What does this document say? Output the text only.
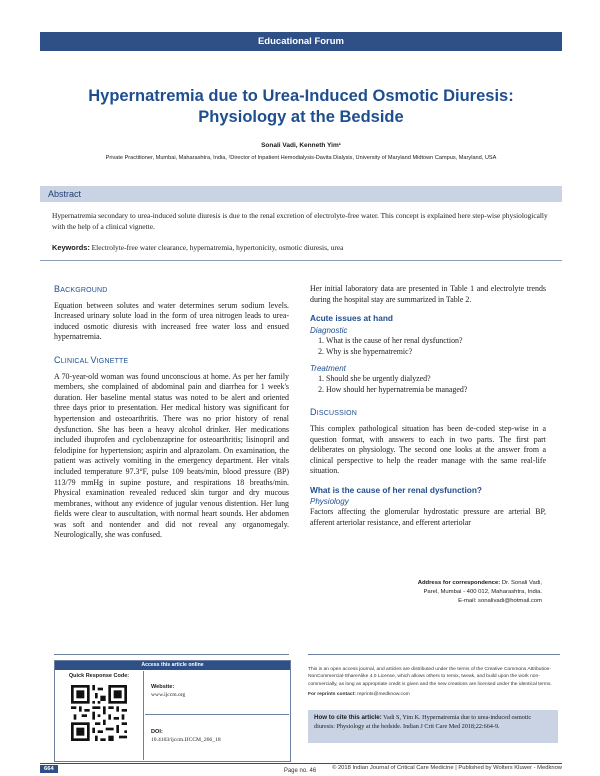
Educational Forum
Hypernatremia due to Urea-Induced Osmotic Diuresis:
Physiology at the Bedside
Sonali Vadi, Kenneth Yim¹
Private Practitioner, Mumbai, Maharashtra, India, ¹Director of Inpatient Hemodialysis-Davita Dialysis, University of Maryland Midtown Campus, Maryland, USA
Abstract
Hypernatremia secondary to urea-induced solute diuresis is due to the renal excretion of electrolyte-free water. This concept is explained here step-wise physiologically with the help of a clinical vignette.
Keywords: Electrolyte-free water clearance, hypernatremia, hypertonicity, osmotic diuresis, urea

BACKGROUND

Equation between solutes and water determines serum sodium levels. Increased urinary solute load in the form of urea nitrogen leads to urea-induced osmotic diuresis with increased free water loss and ensued hypernatremia.

CLINICAL VIGNETTE

A 70-year-old woman was found unconscious at home. As per her family members, she complained of abdominal pain and diarrhea for 1 week's duration. Her baseline mental status was noted to be alert and oriented three days prior to presentation. Her medical history was significant for hypertension and osteoarthritis. There was no prior history of renal dysfunction. She has been a heavy alcohol drinker. Her medications included ibuprofen and cyclobenzaprine for osteoarthritis; lisinopril and felodipine for hypertension; aspirin and alprazolam. On examination, the patient was actively vomiting in the emergency department. Her vitals included temperature 97.3°F, pulse 109 beats/min, blood pressure (BP) 113/79 mmHg in supine posture, and respirations 18 breaths/min. Physical examination revealed reduced skin turgor and dry mucous membranes, without any evidence of jugular venous distention. Her lung fields were clear to auscultation, with normal heart sounds. Her abdomen was soft and nontender and did not reveal any organomegaly. Neurologically, she was confused.

Her initial laboratory data are presented in Table 1 and electrolyte trends during the hospital stay are summarized in Table 2.

Acute issues at hand

Diagnostic

1. What is the cause of her renal dysfunction?
2. Why is she hypernatremic?

Treatment

1. Should she be urgently dialyzed?
2. How should her hypernatremia be managed?

DISCUSSION

This complex pathological situation has been de-coded step-wise in a question format, with answers to each in two parts. The first part deliberates on physiology. The second one looks at the answer from a clinical perspective to help the reader manage with the same real-life situation.

What is the cause of her renal dysfunction?

Physiology

Factors affecting the glomerular hydrostatic pressure are arterial BP, afferent arteriolar resistance, and efferent arteriolar

Address for correspondence: Dr. Sonali Vadi,
Parel, Mumbai - 400 012, Maharashtra, India.
E-mail: sonalivadi@hotmail.com
Access this article online
Quick Response Code:
Website:
www.ijccm.org
DOI:
10.4103/ijccm.IJCCM_266_18
This is an open access journal, and articles are distributed under the terms of the Creative Commons Attribution-NonCommercial-ShareAlike 4.0 License, which allows others to remix, tweak, and build upon the work non-commercially, as long as appropriate credit is given and the new creations are licensed under the identical terms.
For reprints contact: reprints@medknow.com
How to cite this article: Vadi S, Yim K. Hypernatremia due to urea-induced osmotic diuresis: Physiology at the bedside. Indian J Crit Care Med 2018;22:664-9.
664	© 2018 Indian Journal of Critical Care Medicine | Published by Wolters Kluwer - Medknow
Page no. 46
